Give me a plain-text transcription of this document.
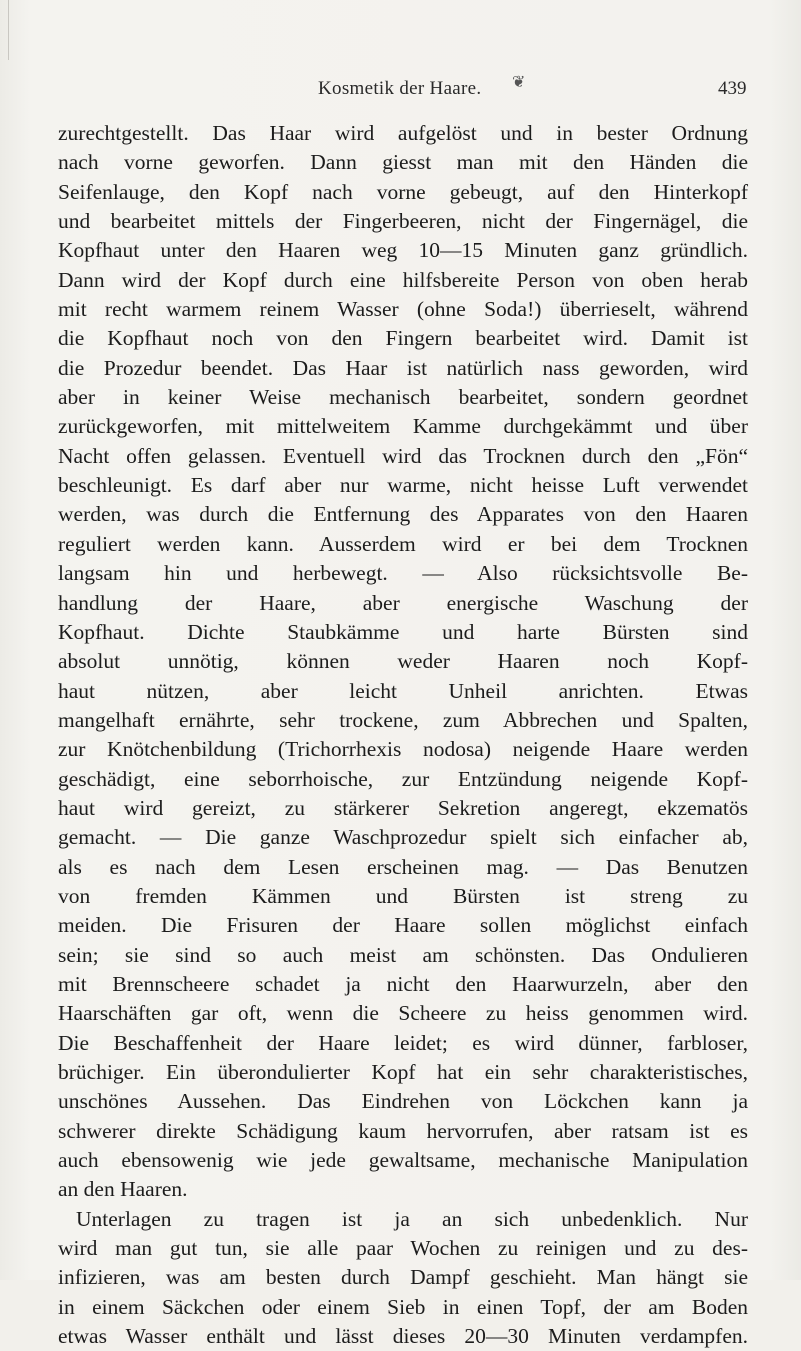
Kosmetik der Haare. ❦	439
zurechtgestellt. Das Haar wird aufgelöst und in bester Ordnung
nach vorne geworfen. Dann giesst man mit den Händen die
Seifenlauge, den Kopf nach vorne gebeugt, auf den Hinterkopf
und bearbeitet mittels der Fingerbeeren, nicht der Fingernägel, die
Kopfhaut unter den Haaren weg 10—15 Minuten ganz gründlich.
Dann wird der Kopf durch eine hilfsbereite Person von oben herab
mit recht warmem reinem Wasser (ohne Soda!) überrieselt, während
die Kopfhaut noch von den Fingern bearbeitet wird. Damit ist
die Prozedur beendet. Das Haar ist natürlich nass geworden, wird
aber in keiner Weise mechanisch bearbeitet, sondern geordnet
zurückgeworfen, mit mittelweitem Kamme durchgekämmt und über
Nacht offen gelassen. Eventuell wird das Trocknen durch den „Fön“
beschleunigt. Es darf aber nur warme, nicht heisse Luft verwendet
werden, was durch die Entfernung des Apparates von den Haaren
reguliert werden kann. Ausserdem wird er bei dem Trocknen
langsam hin und herbewegt. — Also rücksichtsvolle Be-
handlung der Haare, aber energische Waschung der
Kopfhaut. Dichte Staubkämme und harte Bürsten sind
absolut unnötig, können weder Haaren noch Kopf-
haut nützen, aber leicht Unheil anrichten. Etwas
mangelhaft ernährte, sehr trockene, zum Abbrechen und Spalten,
zur Knötchenbildung (Trichorrhexis nodosa) neigende Haare werden
geschädigt, eine seborrhoische, zur Entzündung neigende Kopf-
haut wird gereizt, zu stärkerer Sekretion angeregt, ekzematös
gemacht. — Die ganze Waschprozedur spielt sich einfacher ab,
als es nach dem Lesen erscheinen mag. — Das Benutzen
von fremden Kämmen und Bürsten ist streng zu
meiden. Die Frisuren der Haare sollen möglichst einfach
sein; sie sind so auch meist am schönsten. Das Ondulieren
mit Brennscheere schadet ja nicht den Haarwurzeln, aber den
Haarschäften gar oft, wenn die Scheere zu heiss genommen wird.
Die Beschaffenheit der Haare leidet; es wird dünner, farbloser,
brüchiger. Ein überondulierter Kopf hat ein sehr charakteristisches,
unschönes Aussehen. Das Eindrehen von Löckchen kann ja
schwerer direkte Schädigung kaum hervorrufen, aber ratsam ist es
auch ebensowenig wie jede gewaltsame, mechanische Manipulation
an den Haaren.
Unterlagen zu tragen ist ja an sich unbedenklich. Nur
wird man gut tun, sie alle paar Wochen zu reinigen und zu des-
infizieren, was am besten durch Dampf geschieht. Man hängt sie
in einem Säckchen oder einem Sieb in einen Topf, der am Boden
etwas Wasser enthält und lässt dieses 20—30 Minuten verdampfen.
